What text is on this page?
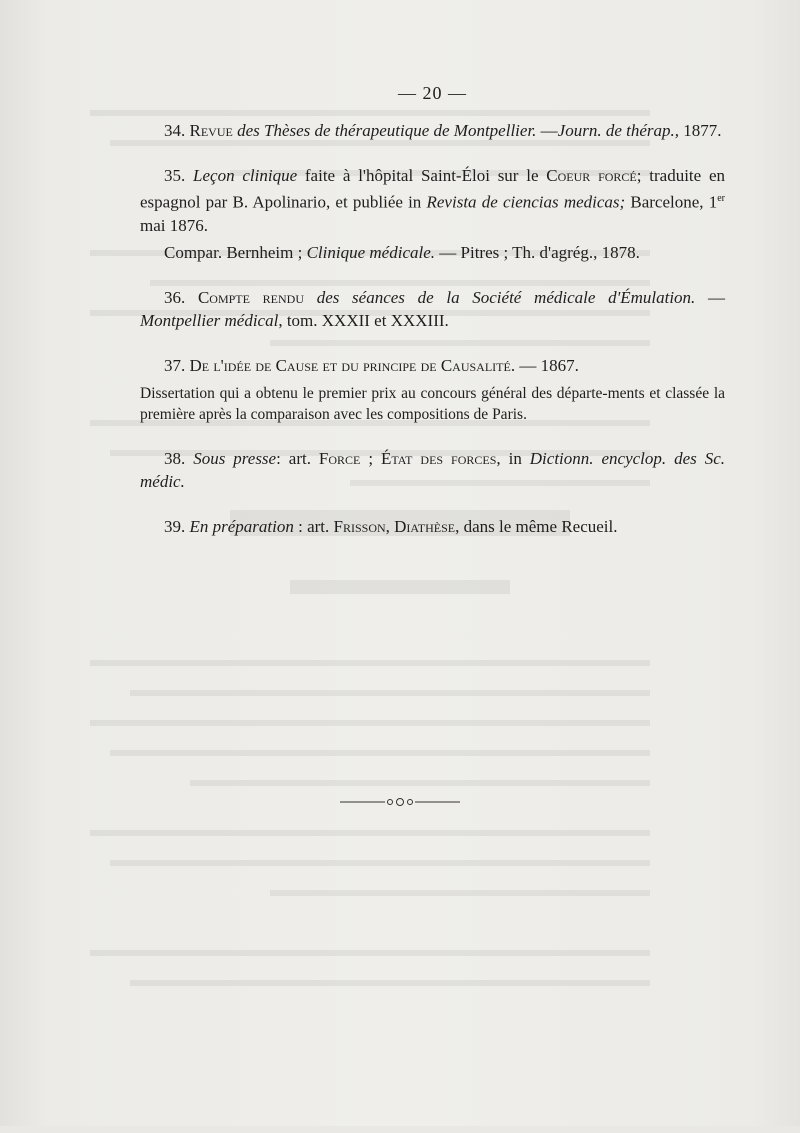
— 20 —

34. Revue des Thèses de thérapeutique de Montpellier. —Journ. de thérap., 1877.

35. Leçon clinique faite à l'hôpital Saint-Éloi sur le Coeur forcé; traduite en espagnol par B. Apolinario, et publiée in Revista de ciencias medicas; Barcelone, 1er mai 1876.

Compar. Bernheim ; Clinique médicale. — Pitres ; Th. d'agrég., 1878.

36. Compte rendu des séances de la Société médicale d'Émulation. — Montpellier médical, tom. XXXII et XXXIII.

37. De l'idée de Cause et du principe de Causalité. — 1867.

Dissertation qui a obtenu le premier prix au concours général des départe-ments et classée la première après la comparaison avec les compositions de Paris.

38. Sous presse: art. Force ; État des forces, in Dictionn. encyclop. des Sc. médic.

39. En préparation : art. Frisson, Diathèse, dans le même Recueil.
